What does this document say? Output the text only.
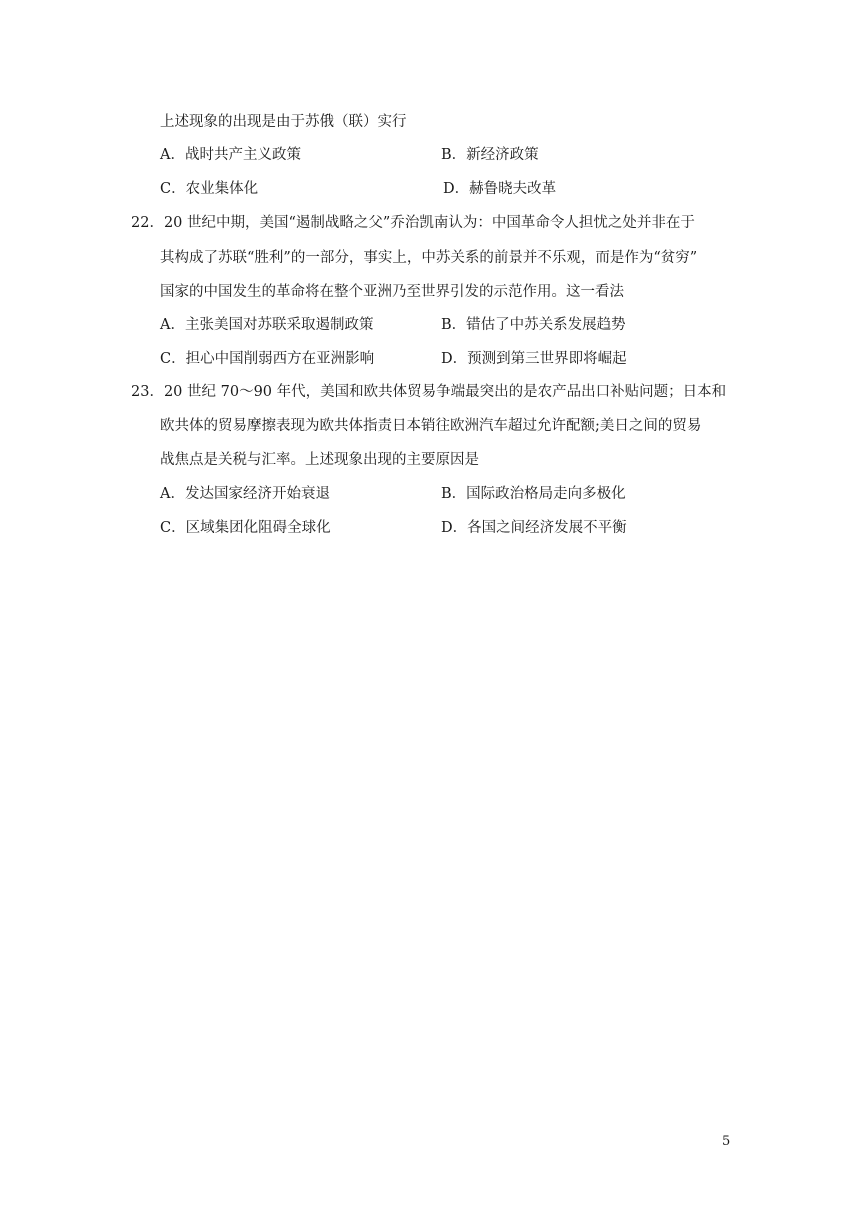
上述现象的出现是由于苏俄（联）实行
A．战时共产主义政策	B．新经济政策
C．农业集体化	D．赫鲁晓夫改革
22．20 世纪中期，美国“遏制战略之父”乔治凯南认为：中国革命令人担忧之处并非在于
其构成了苏联“胜利”的一部分，事实上，中苏关系的前景并不乐观，而是作为“贫穷”
国家的中国发生的革命将在整个亚洲乃至世界引发的示范作用。这一看法
A．主张美国对苏联采取遏制政策	B．错估了中苏关系发展趋势
C．担心中国削弱西方在亚洲影响	D．预测到第三世界即将崛起
23．20 世纪 70～90 年代，美国和欧共体贸易争端最突出的是农产品出口补贴问题；日本和
欧共体的贸易摩擦表现为欧共体指责日本销往欧洲汽车超过允许配额;美日之间的贸易
战焦点是关税与汇率。上述现象出现的主要原因是
A．发达国家经济开始衰退	B．国际政治格局走向多极化
C．区域集团化阻碍全球化	D．各国之间经济发展不平衡
5
